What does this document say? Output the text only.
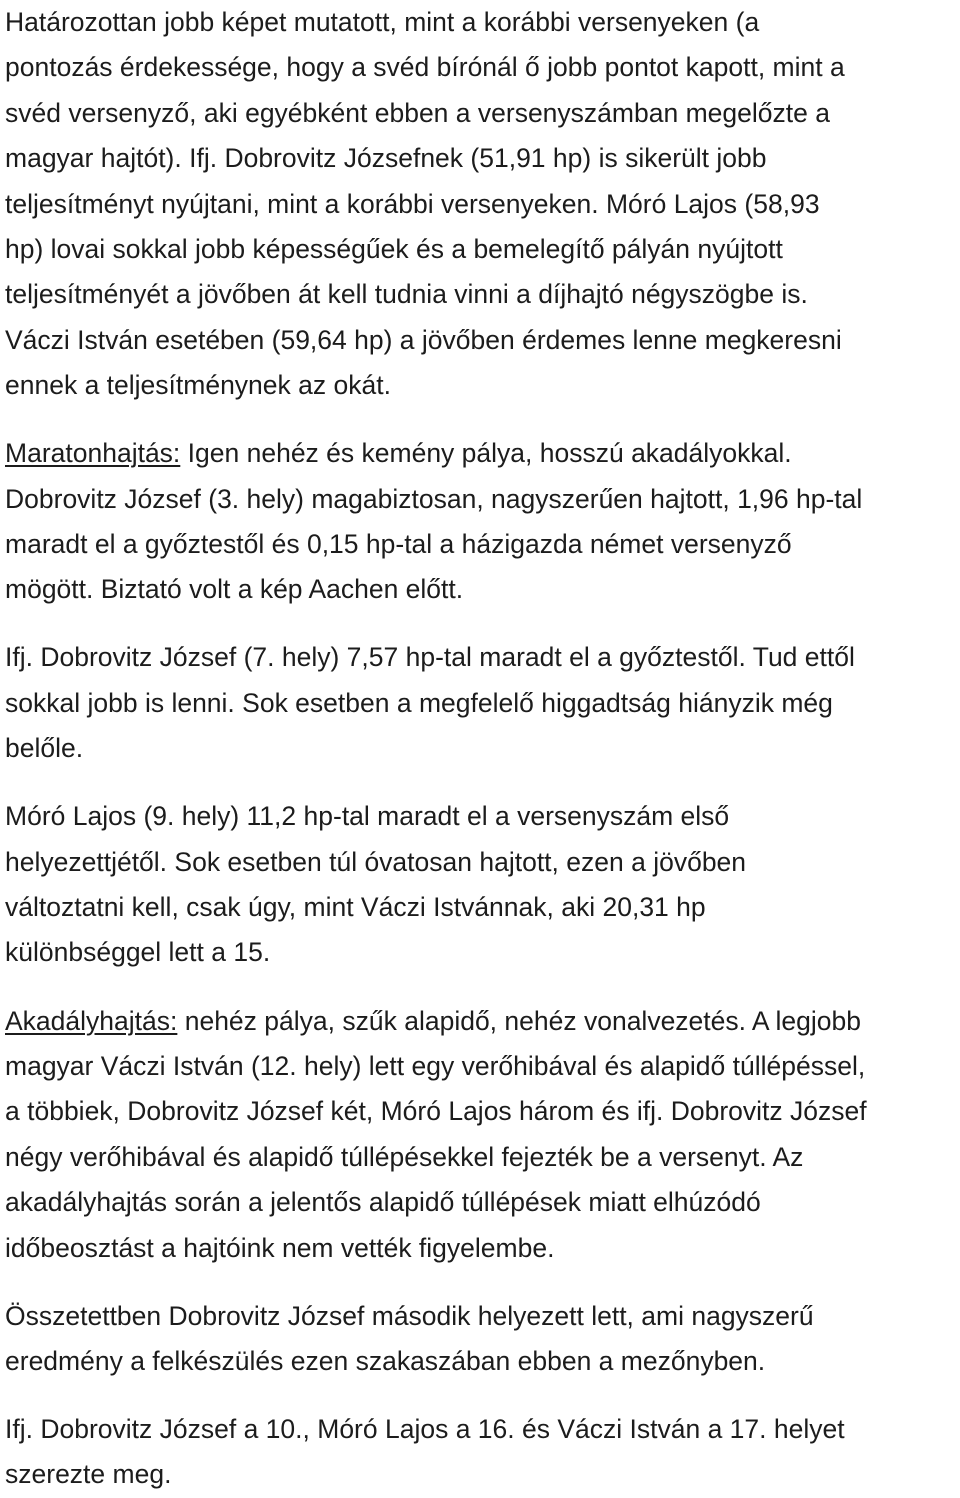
Határozottan jobb képet mutatott, mint a korábbi versenyeken (a
pontozás érdekessége, hogy a svéd bírónál ő jobb pontot kapott, mint a
svéd versenyző, aki egyébként ebben a versenyszámban megelőzte a
magyar hajtót). Ifj. Dobrovitz Józsefnek (51,91 hp) is sikerült jobb
teljesítményt nyújtani, mint a korábbi versenyeken. Móró Lajos (58,93
hp) lovai sokkal jobb képességűek és a bemelegítő pályán nyújtott
teljesítményét a jövőben át kell tudnia vinni a díjhajtó négyszögbe is.
Váczi István esetében (59,64 hp) a jövőben érdemes lenne megkeresni
ennek a teljesítménynek az okát.
Maratonhajtás: Igen nehéz és kemény pálya, hosszú akadályokkal.
Dobrovitz József (3. hely) magabiztosan, nagyszerűen hajtott, 1,96 hp-tal
maradt el a győztestől és 0,15 hp-tal a házigazda német versenyző
mögött. Biztató volt a kép Aachen előtt.
Ifj. Dobrovitz József (7. hely) 7,57 hp-tal maradt el a győztestől. Tud ettől
sokkal jobb is lenni. Sok esetben a megfelelő higgadtság hiányzik még
belőle.
Móró Lajos (9. hely) 11,2 hp-tal maradt el a versenyszám első
helyezettjétől. Sok esetben túl óvatosan hajtott, ezen a jövőben
változtatni kell, csak úgy, mint Váczi Istvánnak, aki 20,31 hp
különbséggel lett a 15.
Akadályhajtás: nehéz pálya, szűk alapidő, nehéz vonalvezetés. A legjobb
magyar Váczi István (12. hely) lett egy verőhibával és alapidő túllépéssel,
a többiek, Dobrovitz József két, Móró Lajos három és ifj. Dobrovitz József
négy verőhibával és alapidő túllépésekkel fejezték be a versenyt. Az
akadályhajtás során a jelentős alapidő túllépések miatt elhúzódó
időbeosztást a hajtóink nem vették figyelembe.
Összetettben Dobrovitz József második helyezett lett, ami nagyszerű
eredmény a felkészülés ezen szakaszában ebben a mezőnyben.
Ifj. Dobrovitz József a 10., Móró Lajos a 16. és Váczi István a 17. helyet
szerezte meg.
